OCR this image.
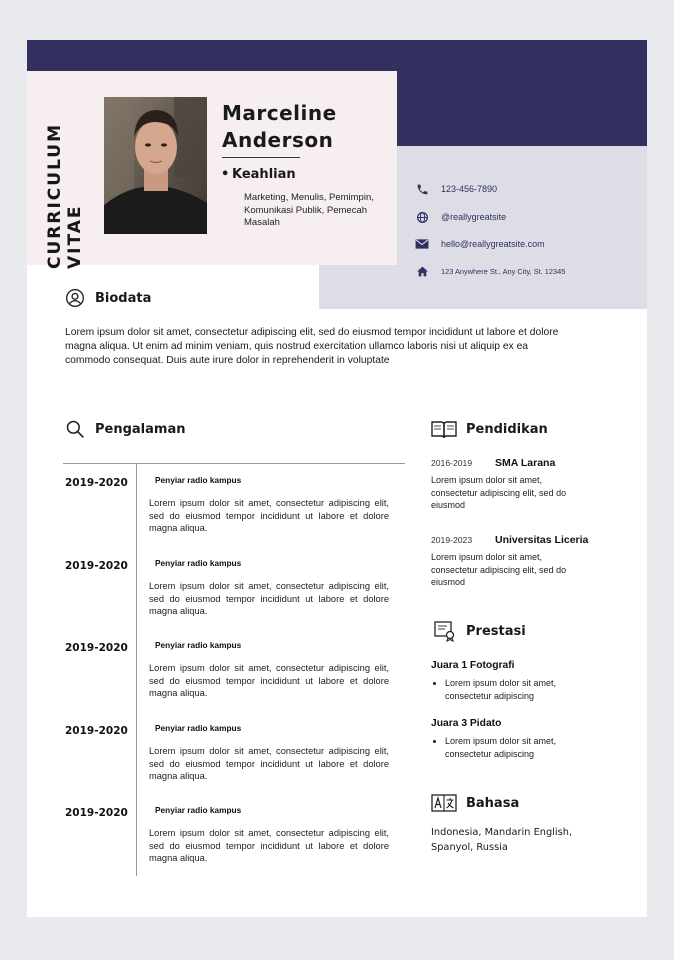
CURRICULUM VITAE
Marceline
Anderson
• Keahlian
Marketing, Menulis, Pemimpin, Komunikasi Publik, Pemecah Masalah
123-456-7890
@reallygreatsite
hello@reallygreatsite.com
123 Anywhere St., Any City, St. 12345
Biodata
Lorem ipsum dolor sit amet, consectetur adipiscing elit, sed do eiusmod tempor incididunt ut labore et dolore magna aliqua. Ut enim ad minim veniam, quis nostrud exercitation ullamco laboris nisi ut aliquip ex ea commodo consequat. Duis aute irure dolor in reprehenderit in voluptate
Pengalaman
2019-2020	Penyiar radio kampus
Lorem ipsum dolor sit amet, consectetur adipiscing elit, sed do eiusmod tempor incididunt ut labore et dolore magna aliqua.
2019-2020	Penyiar radio kampus
Lorem ipsum dolor sit amet, consectetur adipiscing elit, sed do eiusmod tempor incididunt ut labore et dolore magna aliqua.
2019-2020	Penyiar radio kampus
Lorem ipsum dolor sit amet, consectetur adipiscing elit, sed do eiusmod tempor incididunt ut labore et dolore magna aliqua.
2019-2020	Penyiar radio kampus
Lorem ipsum dolor sit amet, consectetur adipiscing elit, sed do eiusmod tempor incididunt ut labore et dolore magna aliqua.
2019-2020	Penyiar radio kampus
Lorem ipsum dolor sit amet, consectetur adipiscing elit, sed do eiusmod tempor incididunt ut labore et dolore magna aliqua.
Pendidikan
2016-2019 SMA Larana
Lorem ipsum dolor sit amet, consectetur adipiscing elit, sed do eiusmod
2019-2023 Universitas Liceria
Lorem ipsum dolor sit amet, consectetur adipiscing elit, sed do eiusmod
Prestasi
Juara 1 Fotografi
• Lorem ipsum dolor sit amet, consectetur adipiscing
Juara 3 Pidato
• Lorem ipsum dolor sit amet, consectetur adipiscing
Bahasa
Indonesia, Mandarin English, Spanyol, Russia
